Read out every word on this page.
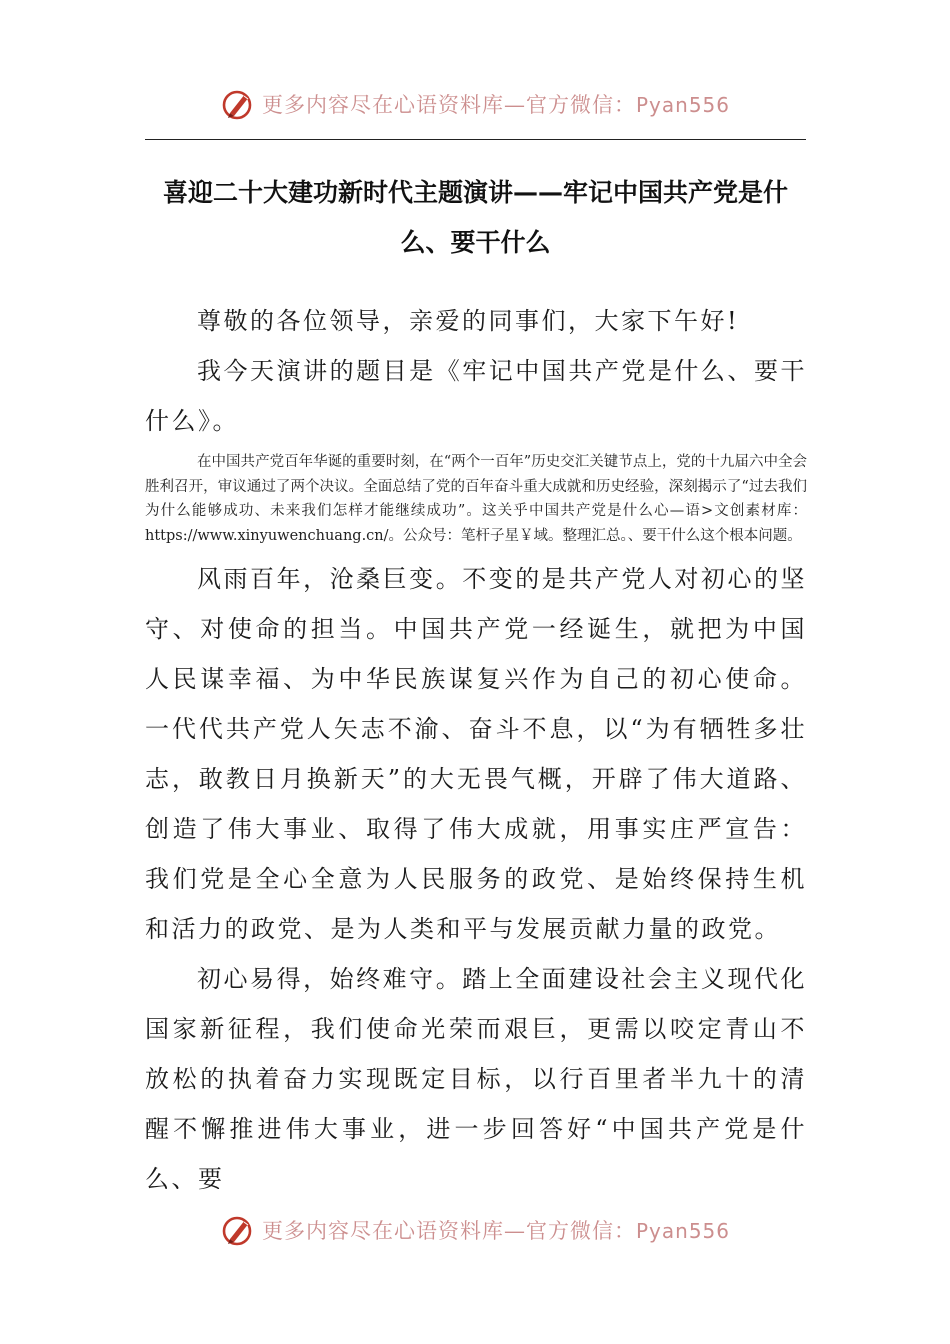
更多内容尽在心语资料库—官方微信：Pyan556
喜迎二十大建功新时代主题演讲——牢记中国共产党是什
么、要干什么

尊敬的各位领导，亲爱的同事们，大家下午好!

我今天演讲的题目是《牢记中国共产党是什么、要干什么》。

在中国共产党百年华诞的重要时刻，在“两个一百年”历史交汇关键节点上，党的十九届六中全会胜利召开，审议通过了两个决议。全面总结了党的百年奋斗重大成就和历史经验，深刻揭示了“过去我们为什么能够成功、未来我们怎样才能继续成功”。这关乎中国共产党是什么心—语>文创素材库：https://www.xinyuwenchuang.cn/。公众号：笔杆子星￥域。整理汇总。、要干什么这个根本问题。

风雨百年，沧桑巨变。不变的是共产党人对初心的坚守、对使命的担当。中国共产党一经诞生，就把为中国人民谋幸福、为中华民族谋复兴作为自己的初心使命。一代代共产党人矢志不渝、奋斗不息，以“为有牺牲多壮志，敢教日月换新天”的大无畏气概，开辟了伟大道路、创造了伟大事业、取得了伟大成就，用事实庄严宣告：我们党是全心全意为人民服务的政党、是始终保持生机和活力的政党、是为人类和平与发展贡献力量的政党。

初心易得，始终难守。踏上全面建设社会主义现代化国家新征程，我们使命光荣而艰巨，更需以咬定青山不放松的执着奋力实现既定目标，以行百里者半九十的清醒不懈推进伟大事业，进一步回答好“中国共产党是什么、要

更多内容尽在心语资料库—官方微信：Pyan556
